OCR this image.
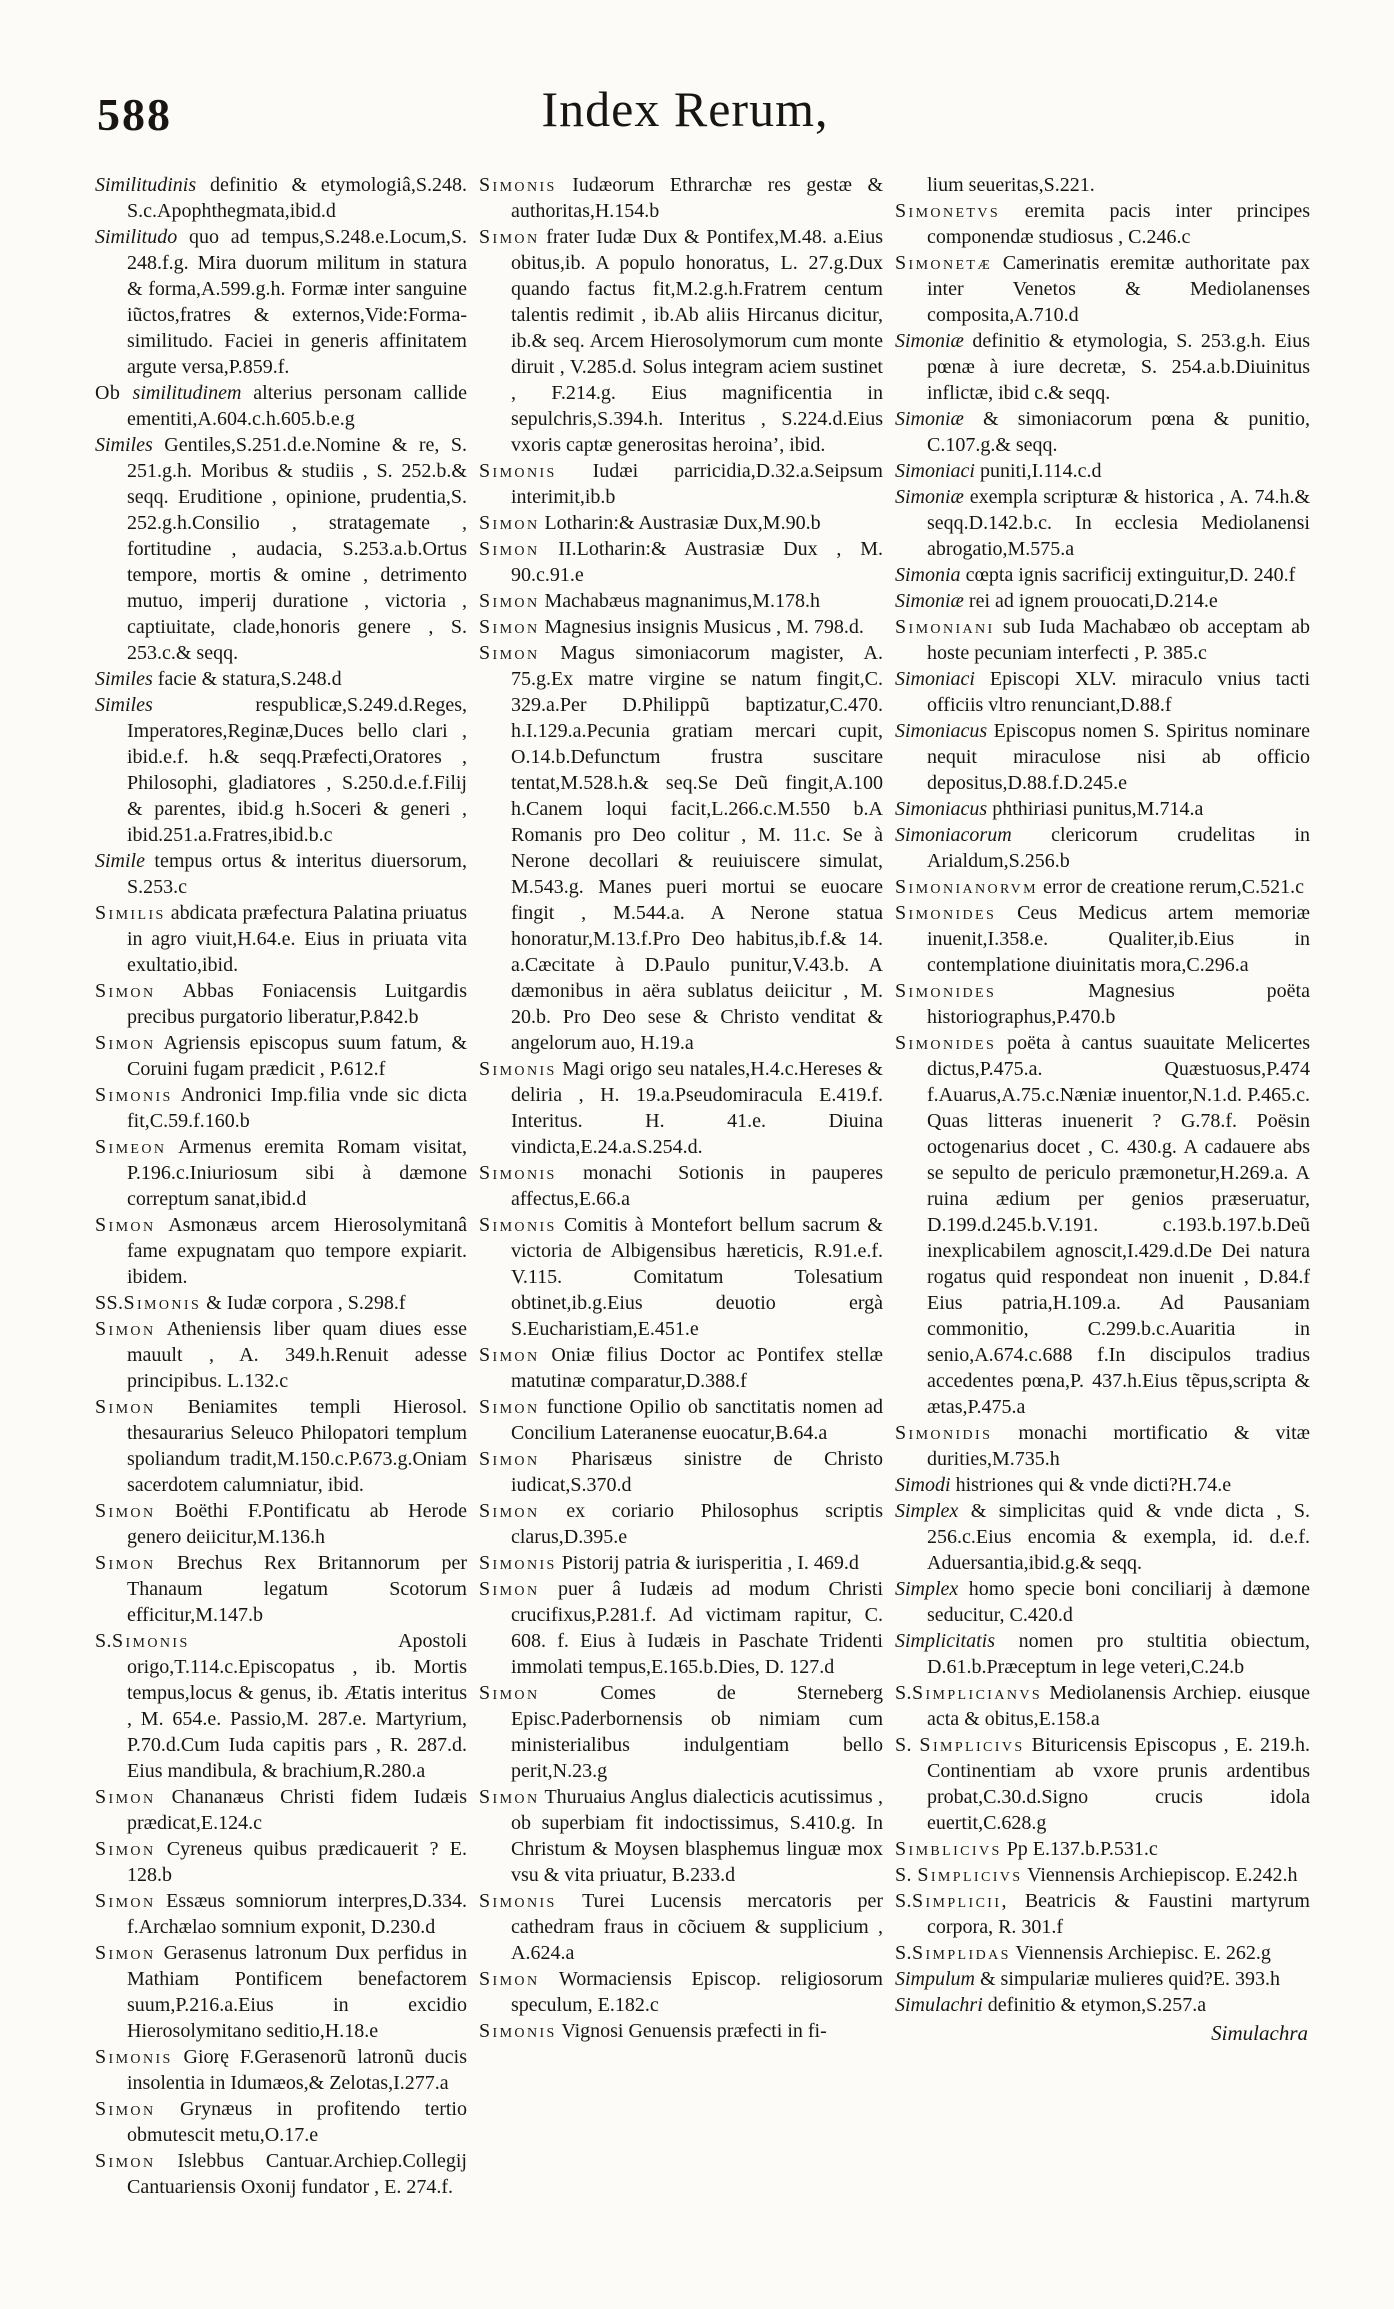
588	Index Rerum,
Similitudinis definitio & etymologiâ,S.248. S.c.Apophthegmata,ibid.d
Similitudo quo ad tempus,S.248.e.Locum,S. 248.f.g. Mira duorum militum in statura & forma,A.599.g.h. Formæ inter sanguine iũctos,fratres & externos,Vide:Forma-similitudo. Faciei in generis affinitatem argute versa,P.859.f.
Ob similitudinem alterius personam callide ementiti,A.604.c.h.605.b.e.g
Similes Gentiles,S.251.d.e.Nomine & re, S. 251.g.h. Moribus & studiis , S. 252.b.& seqq. Eruditione , opinione, prudentia,S. 252.g.h.Consilio , stratagemate , fortitudine , audacia, S.253.a.b.Ortus tempore, mortis & omine , detrimento mutuo, imperij duratione , victoria , captiuitate, clade,honoris genere , S. 253.c.& seqq.
Similes facie & statura,S.248.d
Similes respublicæ,S.249.d.Reges, Imperatores,Reginæ,Duces bello clari , ibid.e.f. h.& seqq.Præfecti,Oratores , Philosophi, gladiatores , S.250.d.e.f.Filij & parentes, ibid.g h.Soceri & generi , ibid.251.a.Fratres,ibid.b.c
Simile tempus ortus & interitus diuersorum, S.253.c
Similis abdicata præfectura Palatina priuatus in agro viuit,H.64.e. Eius in priuata vita exultatio,ibid.
Simon Abbas Foniacensis Luitgardis precibus purgatorio liberatur,P.842.b
Simon Agriensis episcopus suum fatum, & Coruini fugam prædicit , P.612.f
Simonis Andronici Imp.filia vnde sic dicta fit,C.59.f.160.b
Simeon Armenus eremita Romam visitat, P.196.c.Iniuriosum sibi à dæmone correptum sanat,ibid.d
Simon Asmonæus arcem Hierosolymitanâ fame expugnatam quo tempore expiarit. ibidem.
SS.Simonis & Iudæ corpora , S.298.f
Simon Atheniensis liber quam diues esse mauult , A. 349.h.Renuit adesse principibus. L.132.c
Simon Beniamites templi Hierosol. thesaurarius Seleuco Philopatori templum spoliandum tradit,M.150.c.P.673.g.Oniam sacerdotem calumniatur, ibid.
Simon Boëthi F.Pontificatu ab Herode genero deiicitur,M.136.h
Simon Brechus Rex Britannorum per Thanaum legatum Scotorum efficitur,M.147.b
S.Simonis Apostoli origo,T.114.c.Episcopatus , ib. Mortis tempus,locus & genus, ib. Ætatis interitus , M. 654.e. Passio,M. 287.e. Martyrium, P.70.d.Cum Iuda capitis pars , R. 287.d. Eius mandibula, & brachium,R.280.a
Simon Chananæus Christi fidem Iudæis prædicat,E.124.c
Simon Cyreneus quibus prædicauerit ? E. 128.b
Simon Essæus somniorum interpres,D.334. f.Archælao somnium exponit, D.230.d
Simon Gerasenus latronum Dux perfidus in Mathiam Pontificem benefactorem suum,P.216.a.Eius in excidio Hierosolymitano seditio,H.18.e
Simonis Giorę F.Gerasenorũ latronũ ducis insolentia in Idumæos,& Zelotas,I.277.a
Simon Grynæus in profitendo tertio obmutescit metu,O.17.e
Simon Islebbus Cantuar.Archiep.Collegij Cantuariensis Oxonij fundator , E. 274.f.
Simonis Iudæorum Ethrarchæ res gestæ & authoritas,H.154.b
Simon frater Iudæ Dux & Pontifex,M.48. a.Eius obitus,ib. A populo honoratus, L. 27.g.Dux quando factus fit,M.2.g.h.Fratrem centum talentis redimit , ib.Ab aliis Hircanus dicitur, ib.& seq. Arcem Hierosolymorum cum monte diruit , V.285.d. Solus integram aciem sustinet , F.214.g. Eius magnificentia in sepulchris,S.394.h. Interitus , S.224.d.Eius vxoris captæ generositas heroina’, ibid.
Simonis Iudæi parricidia,D.32.a.Seipsum interimit,ib.b
Simon Lotharin:& Austrasiæ Dux,M.90.b
Simon II.Lotharin:& Austrasiæ Dux , M. 90.c.91.e
Simon Machabæus magnanimus,M.178.h
Simon Magnesius insignis Musicus , M. 798.d.
Simon Magus simoniacorum magister, A. 75.g.Ex matre virgine se natum fingit,C. 329.a.Per D.Philippũ baptizatur,C.470. h.I.129.a.Pecunia gratiam mercari cupit, O.14.b.Defunctum frustra suscitare tentat,M.528.h.& seq.Se Deũ fingit,A.100 h.Canem loqui facit,L.266.c.M.550 b.A Romanis pro Deo colitur , M. 11.c. Se à Nerone decollari & reuiuiscere simulat, M.543.g. Manes pueri mortui se euocare fingit , M.544.a. A Nerone statua honoratur,M.13.f.Pro Deo habitus,ib.f.& 14. a.Cæcitate à D.Paulo punitur,V.43.b. A dæmonibus in aëra sublatus deiicitur , M. 20.b. Pro Deo sese & Christo venditat & angelorum auo, H.19.a
Simonis Magi origo seu natales,H.4.c.Hereses & deliria , H. 19.a.Pseudomiracula E.419.f. Interitus. H. 41.e. Diuina vindicta,E.24.a.S.254.d.
Simonis monachi Sotionis in pauperes affectus,E.66.a
Simonis Comitis à Montefort bellum sacrum & victoria de Albigensibus hæreticis, R.91.e.f. V.115. Comitatum Tolesatium obtinet,ib.g.Eius deuotio ergà S.Eucharistiam,E.451.e
Simon Oniæ filius Doctor ac Pontifex stellæ matutinæ comparatur,D.388.f
Simon functione Opilio ob sanctitatis nomen ad Concilium Lateranense euocatur,B.64.a
Simon Pharisæus sinistre de Christo iudicat,S.370.d
Simon ex coriario Philosophus scriptis clarus,D.395.e
Simonis Pistorij patria & iurisperitia , I. 469.d
Simon puer â Iudæis ad modum Christi crucifixus,P.281.f. Ad victimam rapitur, C. 608. f. Eius à Iudæis in Paschate Tridenti immolati tempus,E.165.b.Dies, D. 127.d
Simon Comes de Sterneberg Episc.Paderbornensis ob nimiam cum ministerialibus indulgentiam bello perit,N.23.g
Simon Thuruaius Anglus dialecticis acutissimus , ob superbiam fit indoctissimus, S.410.g. In Christum & Moysen blasphemus linguæ mox vsu & vita priuatur, B.233.d
Simonis Turei Lucensis mercatoris per cathedram fraus in cõciuem & supplicium , A.624.a
Simon Wormaciensis Episcop. religiosorum speculum, E.182.c
Simonis Vignosi Genuensis præfecti in fi-
lium seueritas,S.221.
Simonetvs eremita pacis inter principes componendæ studiosus , C.246.c
Simonetæ Camerinatis eremitæ authoritate pax inter Venetos & Mediolanenses composita,A.710.d
Simoniæ definitio & etymologia, S. 253.g.h. Eius pœnæ à iure decretæ, S. 254.a.b.Diuinitus inflictæ, ibid c.& seqq.
Simoniæ & simoniacorum pœna & punitio, C.107.g.& seqq.
Simoniaci puniti,I.114.c.d
Simoniæ exempla scripturæ & historica , A. 74.h.& seqq.D.142.b.c. In ecclesia Mediolanensi abrogatio,M.575.a
Simonia cœpta ignis sacrificij extinguitur,D. 240.f
Simoniæ rei ad ignem prouocati,D.214.e
Simoniani sub Iuda Machabæo ob acceptam ab hoste pecuniam interfecti , P. 385.c
Simoniaci Episcopi XLV. miraculo vnius tacti officiis vltro renunciant,D.88.f
Simoniacus Episcopus nomen S. Spiritus nominare nequit miraculose nisi ab officio depositus,D.88.f.D.245.e
Simoniacus phthiriasi punitus,M.714.a
Simoniacorum clericorum crudelitas in Arialdum,S.256.b
Simonianorvm error de creatione rerum,C.521.c
Simonides Ceus Medicus artem memoriæ inuenit,I.358.e. Qualiter,ib.Eius in contemplatione diuinitatis mora,C.296.a
Simonides Magnesius poëta historiographus,P.470.b
Simonides poëta à cantus suauitate Melicertes dictus,P.475.a. Quæstuosus,P.474 f.Auarus,A.75.c.Næniæ inuentor,N.1.d. P.465.c. Quas litteras inuenerit ? G.78.f. Poësin octogenarius docet , C. 430.g. A cadauere abs se sepulto de periculo præmonetur,H.269.a. A ruina ædium per genios præseruatur, D.199.d.245.b.V.191. c.193.b.197.b.Deũ inexplicabilem agnoscit,I.429.d.De Dei natura rogatus quid respondeat non inuenit , D.84.f Eius patria,H.109.a. Ad Pausaniam commonitio, C.299.b.c.Auaritia in senio,A.674.c.688 f.In discipulos tradius accedentes pœna,P. 437.h.Eius tẽpus,scripta & ætas,P.475.a
Simonidis monachi mortificatio & vitæ durities,M.735.h
Simodi histriones qui & vnde dicti?H.74.e
Simplex & simplicitas quid & vnde dicta , S. 256.c.Eius encomia & exempla, id. d.e.f. Aduersantia,ibid.g.& seqq.
Simplex homo specie boni conciliarij à dæmone seducitur, C.420.d
Simplicitatis nomen pro stultitia obiectum, D.61.b.Præceptum in lege veteri,C.24.b
S.Simplicianvs Mediolanensis Archiep. eiusque acta & obitus,E.158.a
S. Simplicivs Bituricensis Episcopus , E. 219.h. Continentiam ab vxore prunis ardentibus probat,C.30.d.Signo crucis idola euertit,C.628.g
Simblicivs Pp E.137.b.P.531.c
S. Simplicivs Viennensis Archiepiscop. E.242.h
S.Simplicii, Beatricis & Faustini martyrum corpora, R. 301.f
S.Simplidas Viennensis Archiepisc. E. 262.g
Simpulum & simpulariæ mulieres quid?E. 393.h
Simulachri definitio & etymon,S.257.a
Simulachra
